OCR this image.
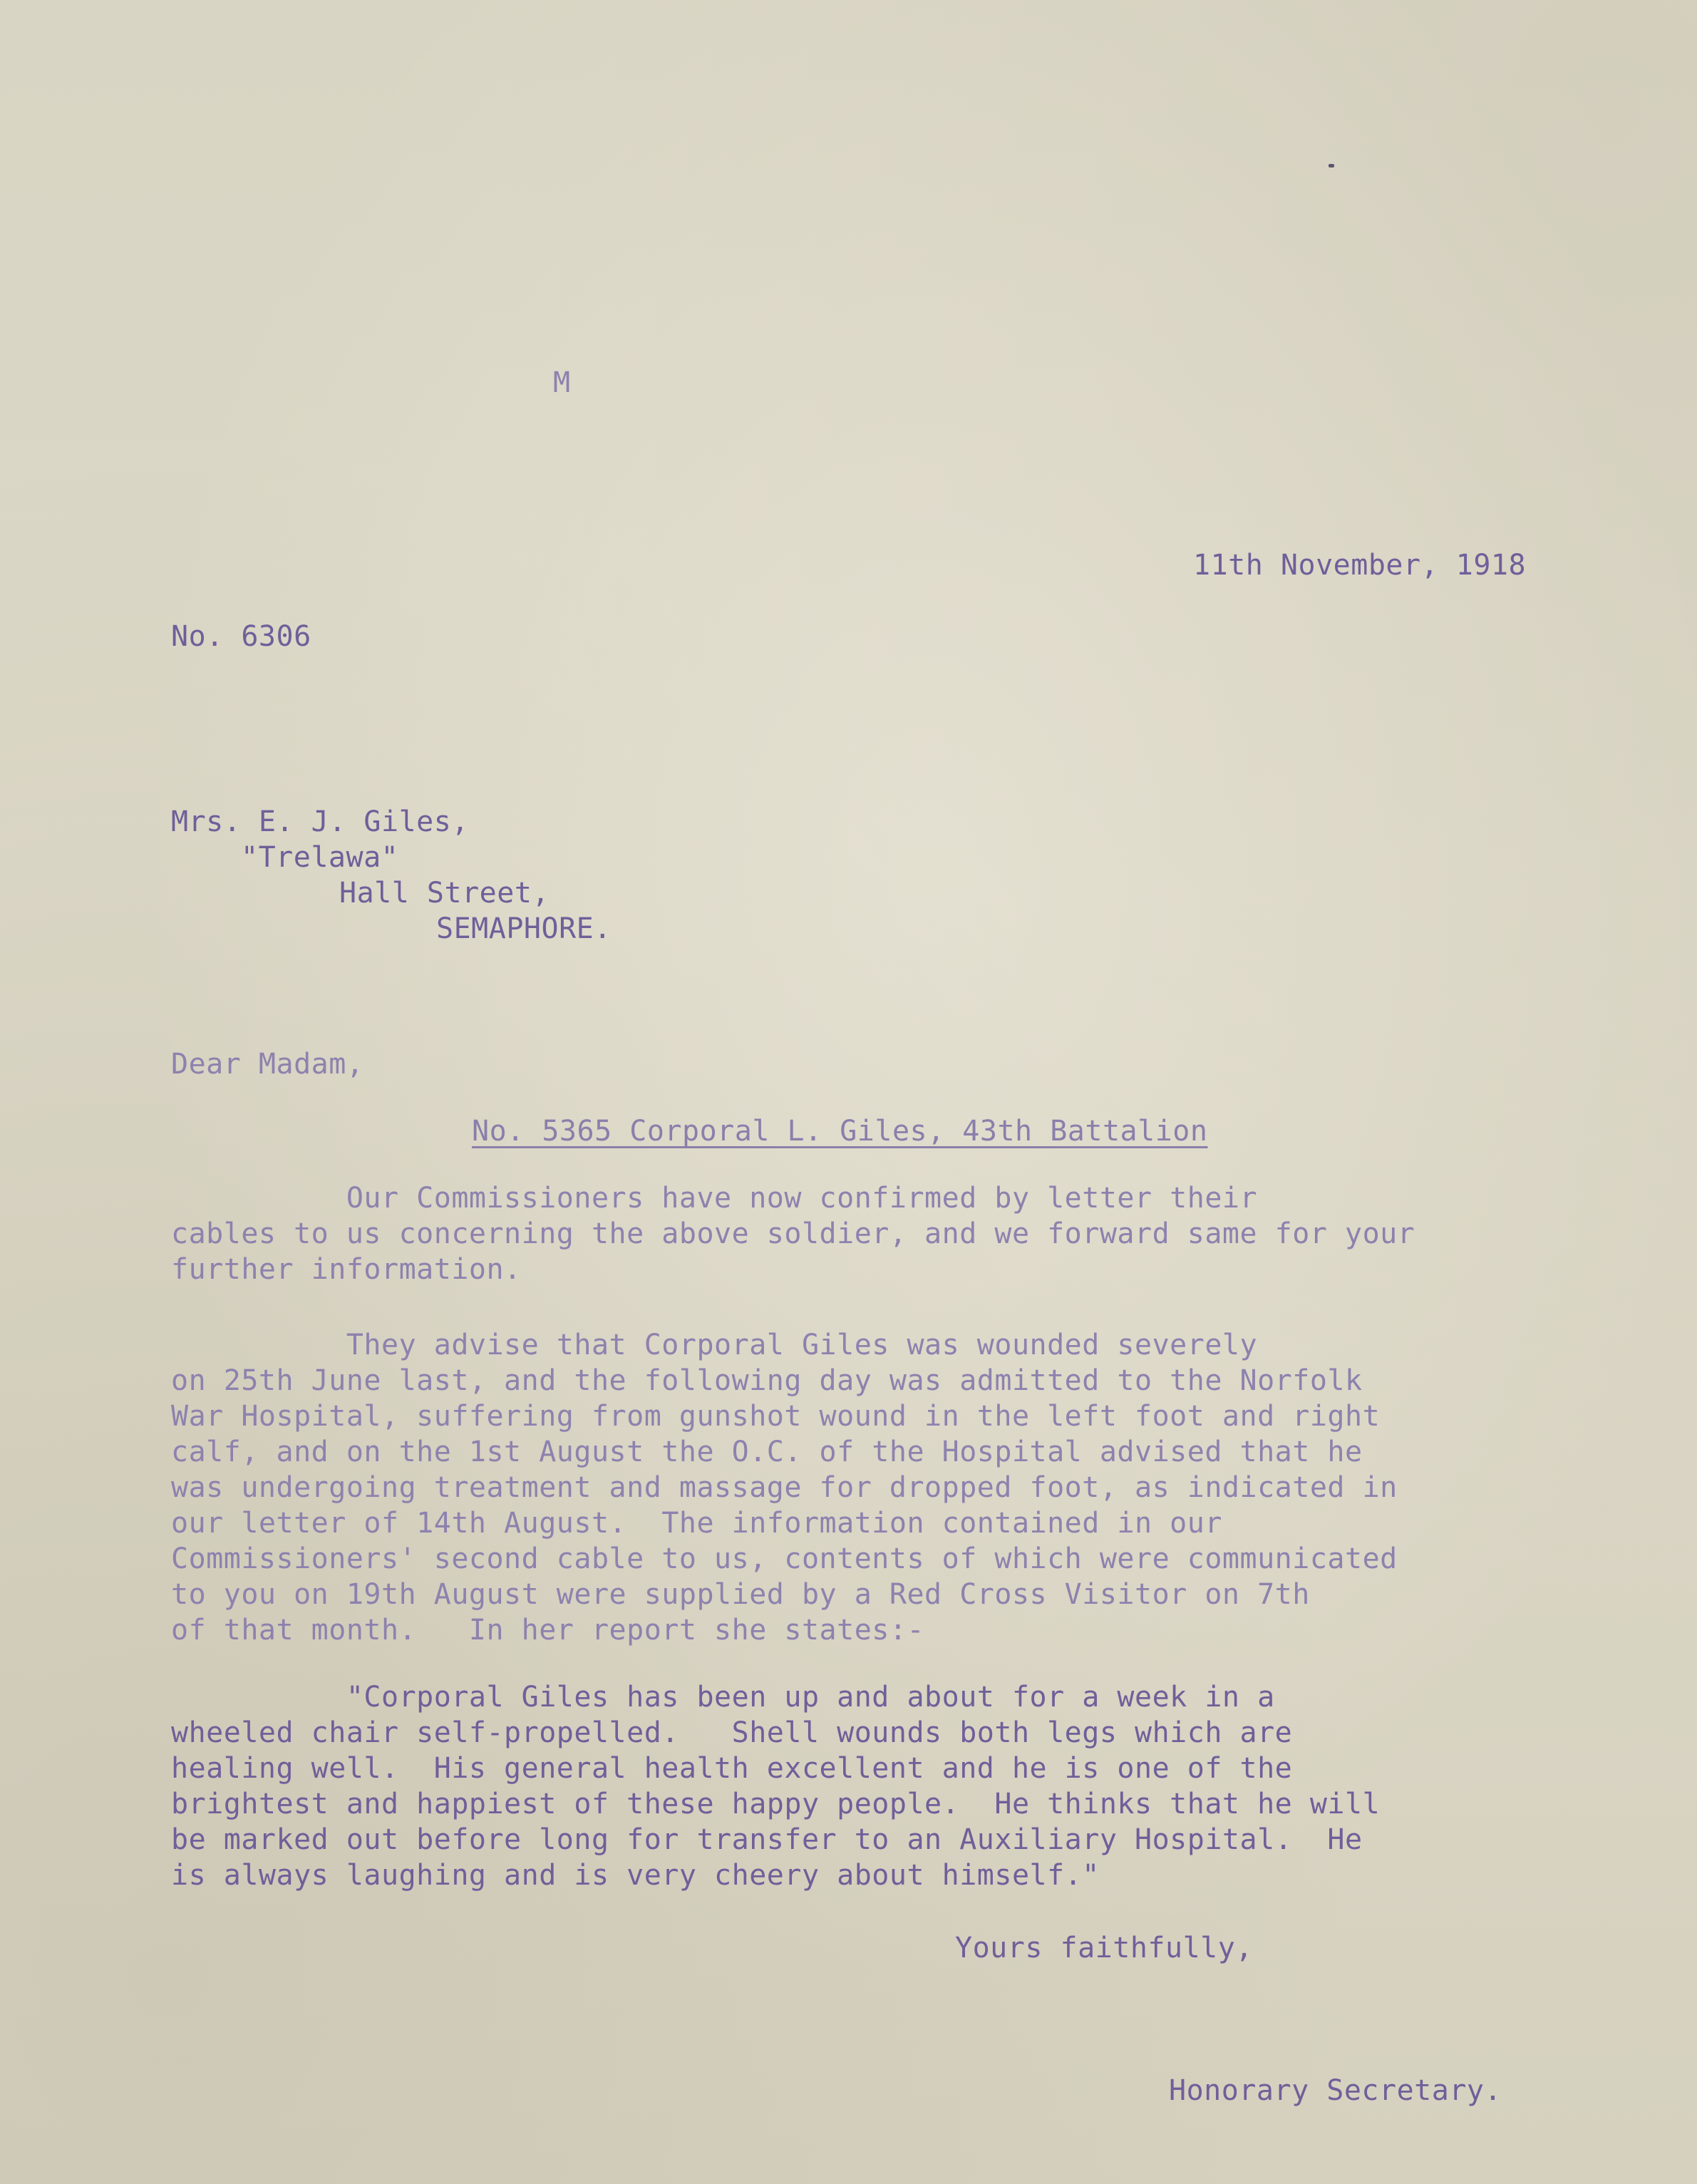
M

11th November, 1918

No. 6306

Mrs. E. J. Giles,

"Trelawa"

Hall Street,

SEMAPHORE.

Dear Madam,

No. 5365 Corporal L. Giles, 43th Battalion

Our Commissioners have now confirmed by letter their
cables to us concerning the above soldier, and we forward same for your
further information.

They advise that Corporal Giles was wounded severely
on 25th June last, and the following day was admitted to the Norfolk
War Hospital, suffering from gunshot wound in the left foot and right
calf, and on the 1st August the O.C. of the Hospital advised that he
was undergoing treatment and massage for dropped foot, as indicated in
our letter of 14th August.  The information contained in our
Commissioners' second cable to us, contents of which were communicated
to you on 19th August were supplied by a Red Cross Visitor on 7th
of that month.   In her report she states:-

"Corporal Giles has been up and about for a week in a
wheeled chair self-propelled.   Shell wounds both legs which are
healing well.  His general health excellent and he is one of the
brightest and happiest of these happy people.  He thinks that he will
be marked out before long for transfer to an Auxiliary Hospital.  He
is always laughing and is very cheery about himself."

Yours faithfully,

Honorary Secretary.
